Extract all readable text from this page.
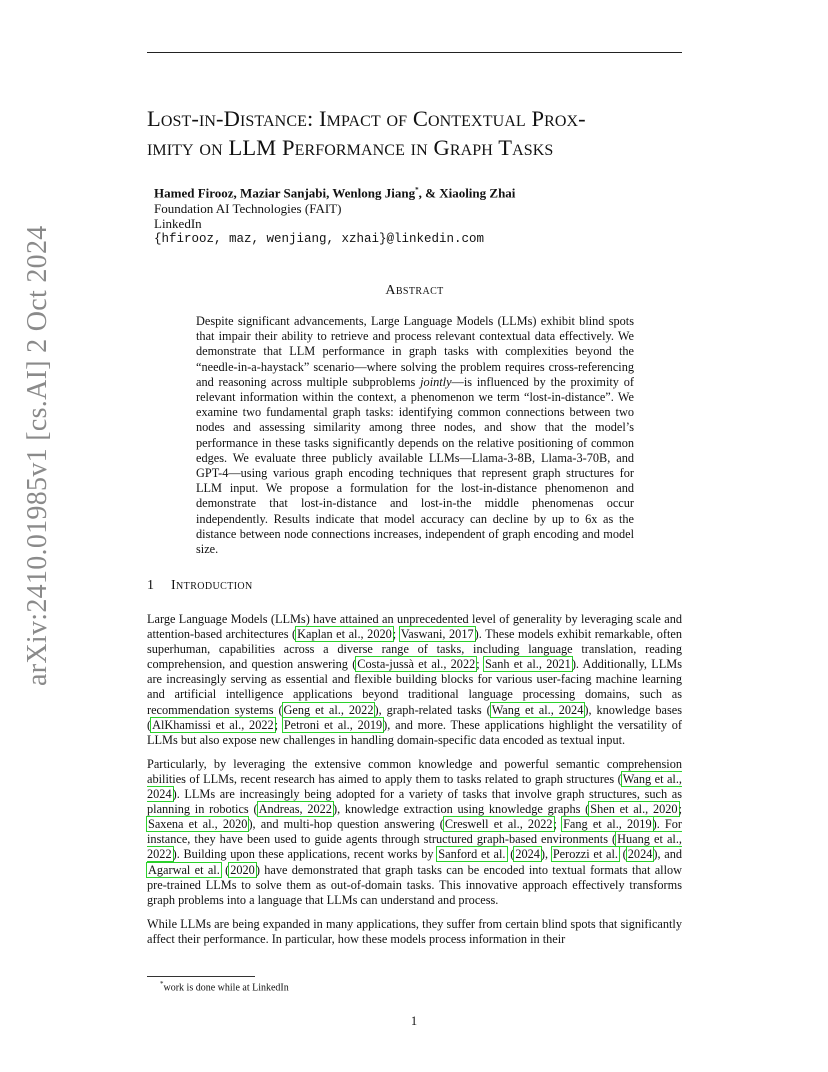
arXiv:2410.01985v1 [cs.AI] 2 Oct 2024
Lost-in-Distance: Impact of Contextual Prox-
imity on LLM Performance in Graph Tasks
Hamed Firooz, Maziar Sanjabi, Wenlong Jiang*, & Xiaoling Zhai
Foundation AI Technologies (FAIT)
LinkedIn
{hfirooz, maz, wenjiang, xzhai}@linkedin.com
Abstract
Despite significant advancements, Large Language Models (LLMs) exhibit blind spots that impair their ability to retrieve and process relevant contextual data effectively. We demonstrate that LLM performance in graph tasks with complexities beyond the “needle-in-a-haystack” scenario—where solving the problem requires cross-referencing and reasoning across multiple subproblems jointly—is influenced by the proximity of relevant information within the context, a phenomenon we term “lost-in-distance”. We examine two fundamental graph tasks: identifying common connections between two nodes and assessing similarity among three nodes, and show that the model’s performance in these tasks significantly depends on the relative positioning of common edges. We evaluate three publicly available LLMs—Llama-3-8B, Llama-3-70B, and GPT-4—using various graph encoding techniques that represent graph structures for LLM input. We propose a formulation for the lost-in-distance phenomenon and demonstrate that lost-in-distance and lost-in-the middle phenomenas occur independently. Results indicate that model accuracy can decline by up to 6x as the distance between node connections increases, independent of graph encoding and model size.
1 Introduction

Large Language Models (LLMs) have attained an unprecedented level of generality by leveraging scale and attention-based architectures (Kaplan et al., 2020; Vaswani, 2017). These models exhibit remarkable, often superhuman, capabilities across a diverse range of tasks, including language translation, reading comprehension, and question answering (Costa-jussà et al., 2022; Sanh et al., 2021). Additionally, LLMs are increasingly serving as essential and flexible building blocks for various user-facing machine learning and artificial intelligence applications beyond traditional language processing domains, such as recommendation systems (Geng et al., 2022), graph-related tasks (Wang et al., 2024), knowledge bases (AlKhamissi et al., 2022; Petroni et al., 2019), and more. These applications highlight the versatility of LLMs but also expose new challenges in handling domain-specific data encoded as textual input.

Particularly, by leveraging the extensive common knowledge and powerful semantic comprehension abilities of LLMs, recent research has aimed to apply them to tasks related to graph structures (Wang et al., 2024). LLMs are increasingly being adopted for a variety of tasks that involve graph structures, such as planning in robotics (Andreas, 2022), knowledge extraction using knowledge graphs (Shen et al., 2020; Saxena et al., 2020), and multi-hop question answering (Creswell et al., 2022; Fang et al., 2019). For instance, they have been used to guide agents through structured graph-based environments (Huang et al., 2022). Building upon these applications, recent works by Sanford et al. (2024), Perozzi et al. (2024), and Agarwal et al. (2020) have demonstrated that graph tasks can be encoded into textual formats that allow pre-trained LLMs to solve them as out-of-domain tasks. This innovative approach effectively transforms graph problems into a language that LLMs can understand and process.

While LLMs are being expanded in many applications, they suffer from certain blind spots that significantly affect their performance. In particular, how these models process information in their

*work is done while at LinkedIn
1
